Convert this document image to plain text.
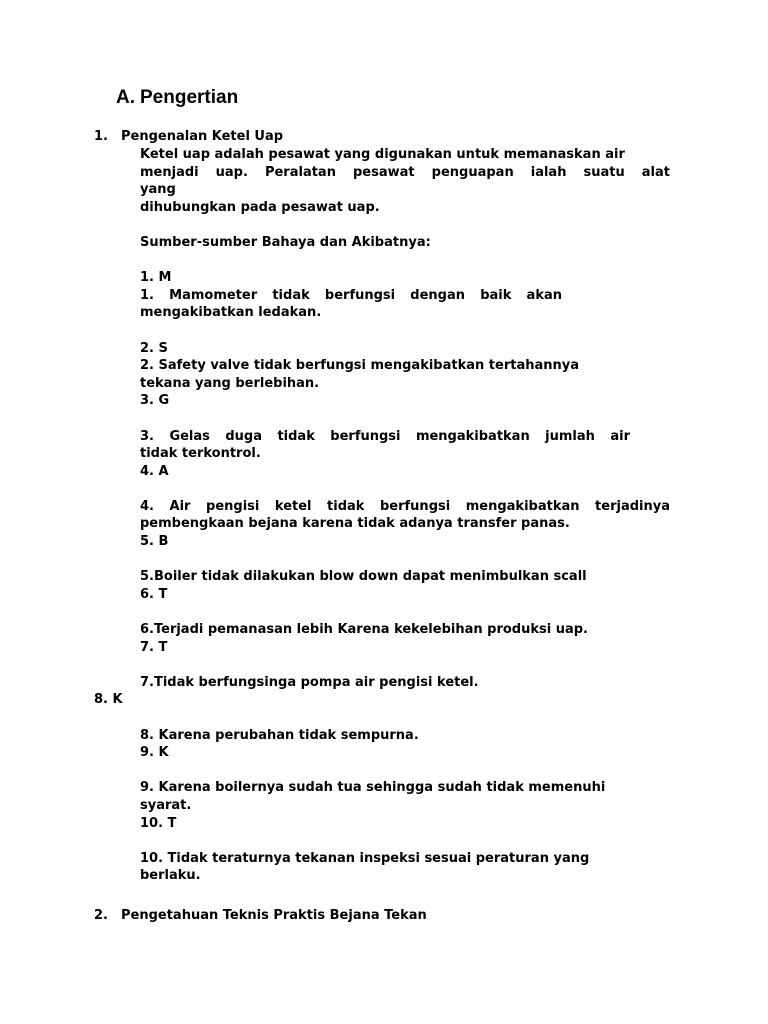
A. Pengertian
1. Pengenalan Ketel Uap

Ketel uap adalah pesawat yang digunakan untuk memanaskan air

menjadi uap. Peralatan pesawat penguapan ialah suatu alat

yang

dihubungkan pada pesawat uap.

Sumber-sumber Bahaya dan Akibatnya:

1. M

1. Mamometer tidak berfungsi dengan baik akan

mengakibatkan ledakan.

2. S

2. Safety valve tidak berfungsi mengakibatkan tertahannya

tekana yang berlebihan.

3. G

3. Gelas duga tidak berfungsi mengakibatkan jumlah air

tidak terkontrol.

4. A

4. Air pengisi ketel tidak berfungsi mengakibatkan terjadinya

pembengkaan bejana karena tidak adanya transfer panas.

5. B

5.Boiler tidak dilakukan blow down dapat menimbulkan scall

6. T

6.Terjadi pemanasan lebih Karena kekelebihan produksi uap.

7. T

7.Tidak berfungsinga pompa air pengisi ketel.

8. K

8. Karena perubahan tidak sempurna.

9. K

9. Karena boilernya sudah tua sehingga sudah tidak memenuhi

syarat.

10. T

10. Tidak teraturnya tekanan inspeksi sesuai peraturan yang

berlaku.

2. Pengetahuan Teknis Praktis Bejana Tekan
